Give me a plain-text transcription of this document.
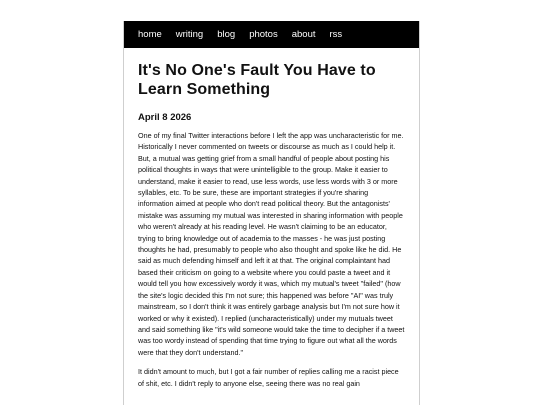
home writing blog photos about rss
It's No One's Fault You Have to Learn Something
April 8 2026

One of my final Twitter interactions before I left the app was uncharacteristic for me. Historically I never commented on tweets or discourse as much as I could help it. But, a mutual was getting grief from a small handful of people about posting his political thoughts in ways that were unintelligible to the group. Make it easier to understand, make it easier to read, use less words, use less words with 3 or more syllables, etc. To be sure, these are important strategies if you're sharing information aimed at people who don't read political theory. But the antagonists' mistake was assuming my mutual was interested in sharing information with people who weren't already at his reading level. He wasn't claiming to be an educator, trying to bring knowledge out of academia to the masses - he was just posting thoughts he had, presumably to people who also thought and spoke like he did. He said as much defending himself and left it at that. The original complaintant had based their criticism on going to a website where you could paste a tweet and it would tell you how excessively wordy it was, which my mutual's tweet "failed" (how the site's logic decided this I'm not sure; this happened was before "AI" was truly mainstream, so I don't think it was entirely garbage analysis but I'm not sure how it worked or why it existed). I replied (uncharacteristically) under my mutuals tweet and said something like "it's wild someone would take the time to decipher if a tweet was too wordy instead of spending that time trying to figure out what all the words were that they don't understand."

It didn't amount to much, but I got a fair number of replies calling me a racist piece of shit, etc. I didn't reply to anyone else, seeing there was no real gain
